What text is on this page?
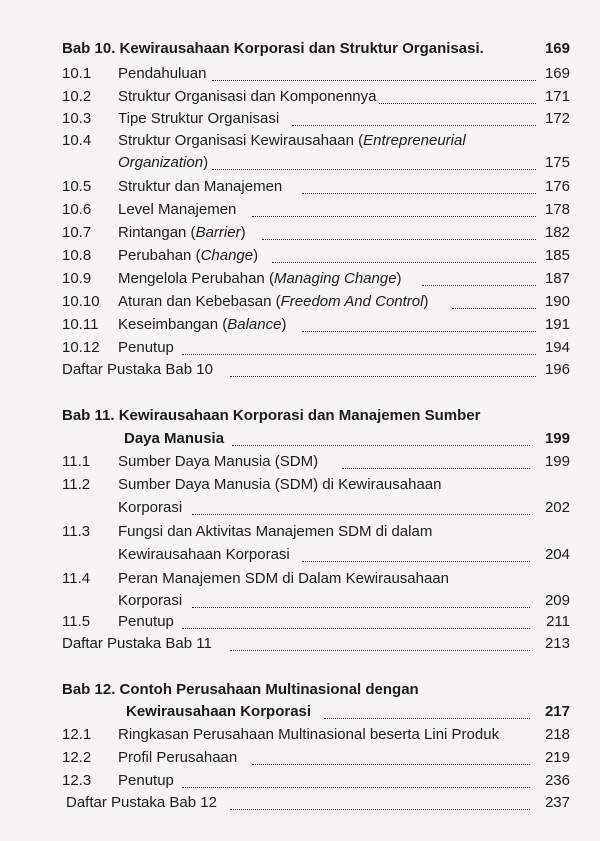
Bab 10. Kewirausahaan Korporasi dan Struktur Organisasi.	169
10.1 Pendahuluan	169
10.2 Struktur Organisasi dan Komponennya	171
10.3 Tipe Struktur Organisasi	172
10.4 Struktur Organisasi Kewirausahaan (Entrepreneurial
Organization)	175
10.5 Struktur dan Manajemen	176
10.6 Level Manajemen	178
10.7 Rintangan (Barrier)	182
10.8 Perubahan (Change)	185
10.9 Mengelola Perubahan (Managing Change)	187
10.10 Aturan dan Kebebasan (Freedom And Control)	190
10.11 Keseimbangan (Balance)	191
10.12 Penutup	194
Daftar Pustaka Bab 10	196
Bab 11. Kewirausahaan Korporasi dan Manajemen Sumber
Daya Manusia	199
11.1 Sumber Daya Manusia (SDM)	199
11.2 Sumber Daya Manusia (SDM) di Kewirausahaan
Korporasi	202
11.3 Fungsi dan Aktivitas Manajemen SDM di dalam
Kewirausahaan Korporasi	204
11.4 Peran Manajemen SDM di Dalam Kewirausahaan
Korporasi	209
11.5 Penutup	211
Daftar Pustaka Bab 11	213
Bab 12. Contoh Perusahaan Multinasional dengan
Kewirausahaan Korporasi	217
12.1 Ringkasan Perusahaan Multinasional beserta Lini Produk	218
12.2 Profil Perusahaan	219
12.3 Penutup	236
Daftar Pustaka Bab 12	237
